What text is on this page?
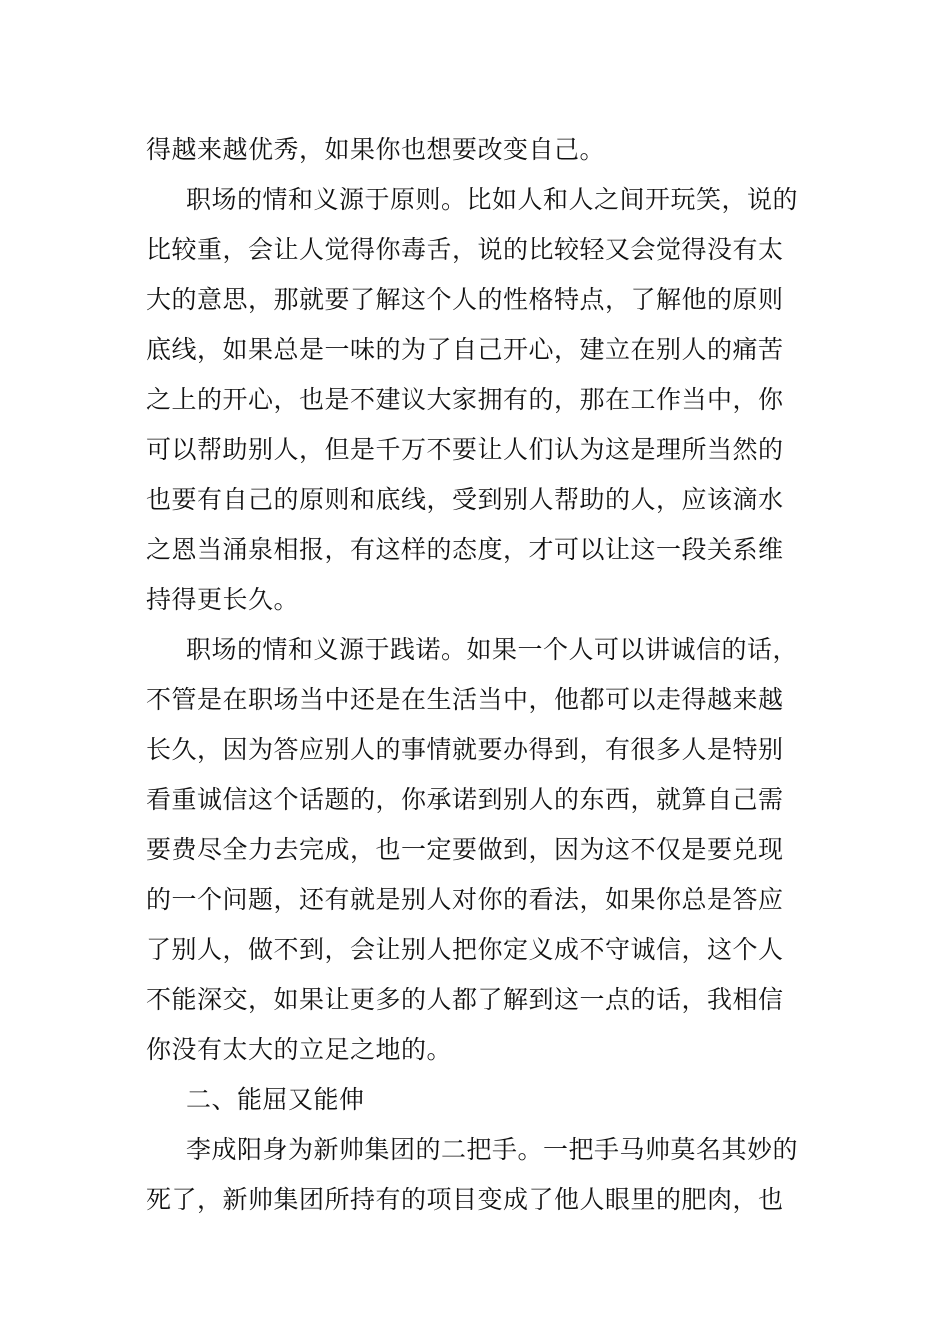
得越来越优秀，如果你也想要改变自己。
职场的情和义源于原则。比如人和人之间开玩笑，说的
比较重，会让人觉得你毒舌，说的比较轻又会觉得没有太
大的意思，那就要了解这个人的性格特点，了解他的原则
底线，如果总是一味的为了自己开心，建立在别人的痛苦
之上的开心，也是不建议大家拥有的，那在工作当中，你
可以帮助别人，但是千万不要让人们认为这是理所当然的
也要有自己的原则和底线，受到别人帮助的人，应该滴水
之恩当涌泉相报，有这样的态度，才可以让这一段关系维
持得更长久。
职场的情和义源于践诺。如果一个人可以讲诚信的话，
不管是在职场当中还是在生活当中，他都可以走得越来越
长久，因为答应别人的事情就要办得到，有很多人是特别
看重诚信这个话题的，你承诺到别人的东西，就算自己需
要费尽全力去完成，也一定要做到，因为这不仅是要兑现
的一个问题，还有就是别人对你的看法，如果你总是答应
了别人，做不到，会让别人把你定义成不守诚信，这个人
不能深交，如果让更多的人都了解到这一点的话，我相信
你没有太大的立足之地的。
二、能屈又能伸
李成阳身为新帅集团的二把手。一把手马帅莫名其妙的
死了，新帅集团所持有的项目变成了他人眼里的肥肉，也
